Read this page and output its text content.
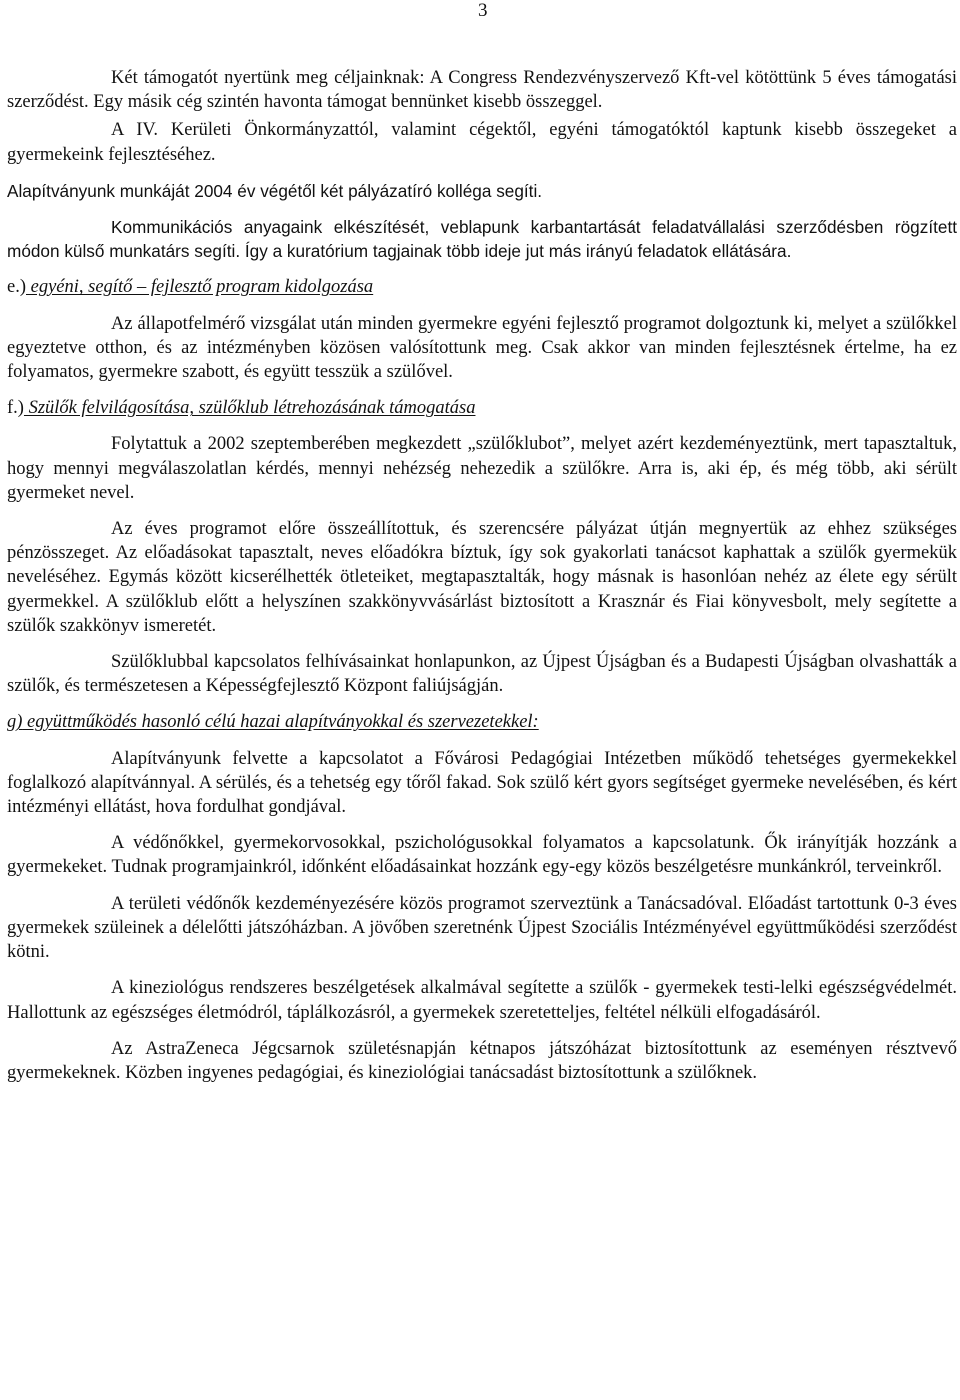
3

Két támogatót nyertünk meg céljainknak: A Congress Rendezvényszervező Kft-vel kötöttünk 5 éves támogatási szerződést. Egy másik cég szintén havonta támogat bennünket kisebb összeggel.

A IV. Kerületi Önkormányzattól, valamint cégektől, egyéni támogatóktól kaptunk kisebb összegeket a gyermekeink fejlesztéséhez.

Alapítványunk munkáját 2004 év végétől két pályázatíró kolléga segíti.

Kommunikációs anyagaink elkészítését, veblapunk karbantartását feladatvállalási szerződésben rögzített módon külső munkatárs segíti. Így a kuratórium tagjainak több ideje jut más irányú feladatok ellátására.

e.) egyéni, segítő – fejlesztő program kidolgozása

Az állapotfelmérő vizsgálat után minden gyermekre egyéni fejlesztő programot dolgoztunk ki, melyet a szülőkkel egyeztetve otthon, és az intézményben közösen valósítottunk meg. Csak akkor van minden fejlesztésnek értelme, ha ez folyamatos, gyermekre szabott, és együtt tesszük a szülővel.

f.) Szülők felvilágosítása, szülőklub létrehozásának támogatása

Folytattuk a 2002 szeptemberében megkezdett „szülőklubot”, melyet azért kezdeményeztünk, mert tapasztaltuk, hogy mennyi megválaszolatlan kérdés, mennyi nehézség nehezedik a szülőkre. Arra is, aki ép, és még több, aki sérült gyermeket nevel.

Az éves programot előre összeállítottuk, és szerencsére pályázat útján megnyertük az ehhez szükséges pénzösszeget. Az előadásokat tapasztalt, neves előadókra bíztuk, így sok gyakorlati tanácsot kaphattak a szülők gyermekük neveléséhez. Egymás között kicserélhették ötleteiket, megtapasztalták, hogy másnak is hasonlóan nehéz az élete egy sérült gyermekkel. A szülőklub előtt a helyszínen szakkönyvvásárlást biztosított a Krasznár és Fiai könyvesbolt, mely segítette a szülők szakkönyv ismeretét.

Szülőklubbal kapcsolatos felhívásainkat honlapunkon, az Újpest Újságban és a Budapesti Újságban olvashatták a szülők, és természetesen a Képességfejlesztő Központ faliújságján.

g) együttműködés hasonló célú hazai alapítványokkal és szervezetekkel:

Alapítványunk felvette a kapcsolatot a Fővárosi Pedagógiai Intézetben működő tehetséges gyermekekkel foglalkozó alapítvánnyal. A sérülés, és a tehetség egy tőről fakad. Sok szülő kért gyors segítséget gyermeke nevelésében, és kért intézményi ellátást, hova fordulhat gondjával.

A védőnőkkel, gyermekorvosokkal, pszichológusokkal folyamatos a kapcsolatunk. Ők irányítják hozzánk a gyermekeket. Tudnak programjainkról, időnként előadásainkat hozzánk egy-egy közös beszélgetésre munkánkról, terveinkről.

A területi védőnők kezdeményezésére közös programot szerveztünk a Tanácsadóval. Előadást tartottunk 0-3 éves gyermekek szüleinek a délelőtti játszóházban. A jövőben szeretnénk Újpest Szociális Intézményével együttműködési szerződést kötni.

A kineziológus rendszeres beszélgetések alkalmával segítette a szülők - gyermekek testi-lelki egészségvédelmét. Hallottunk az egészséges életmódról, táplálkozásról, a gyermekek szeretetteljes, feltétel nélküli elfogadásáról.

Az AstraZeneca Jégcsarnok születésnapján kétnapos játszóházat biztosítottunk az eseményen résztvevő gyermekeknek. Közben ingyenes pedagógiai, és kineziológiai tanácsadást biztosítottunk a szülőknek.
